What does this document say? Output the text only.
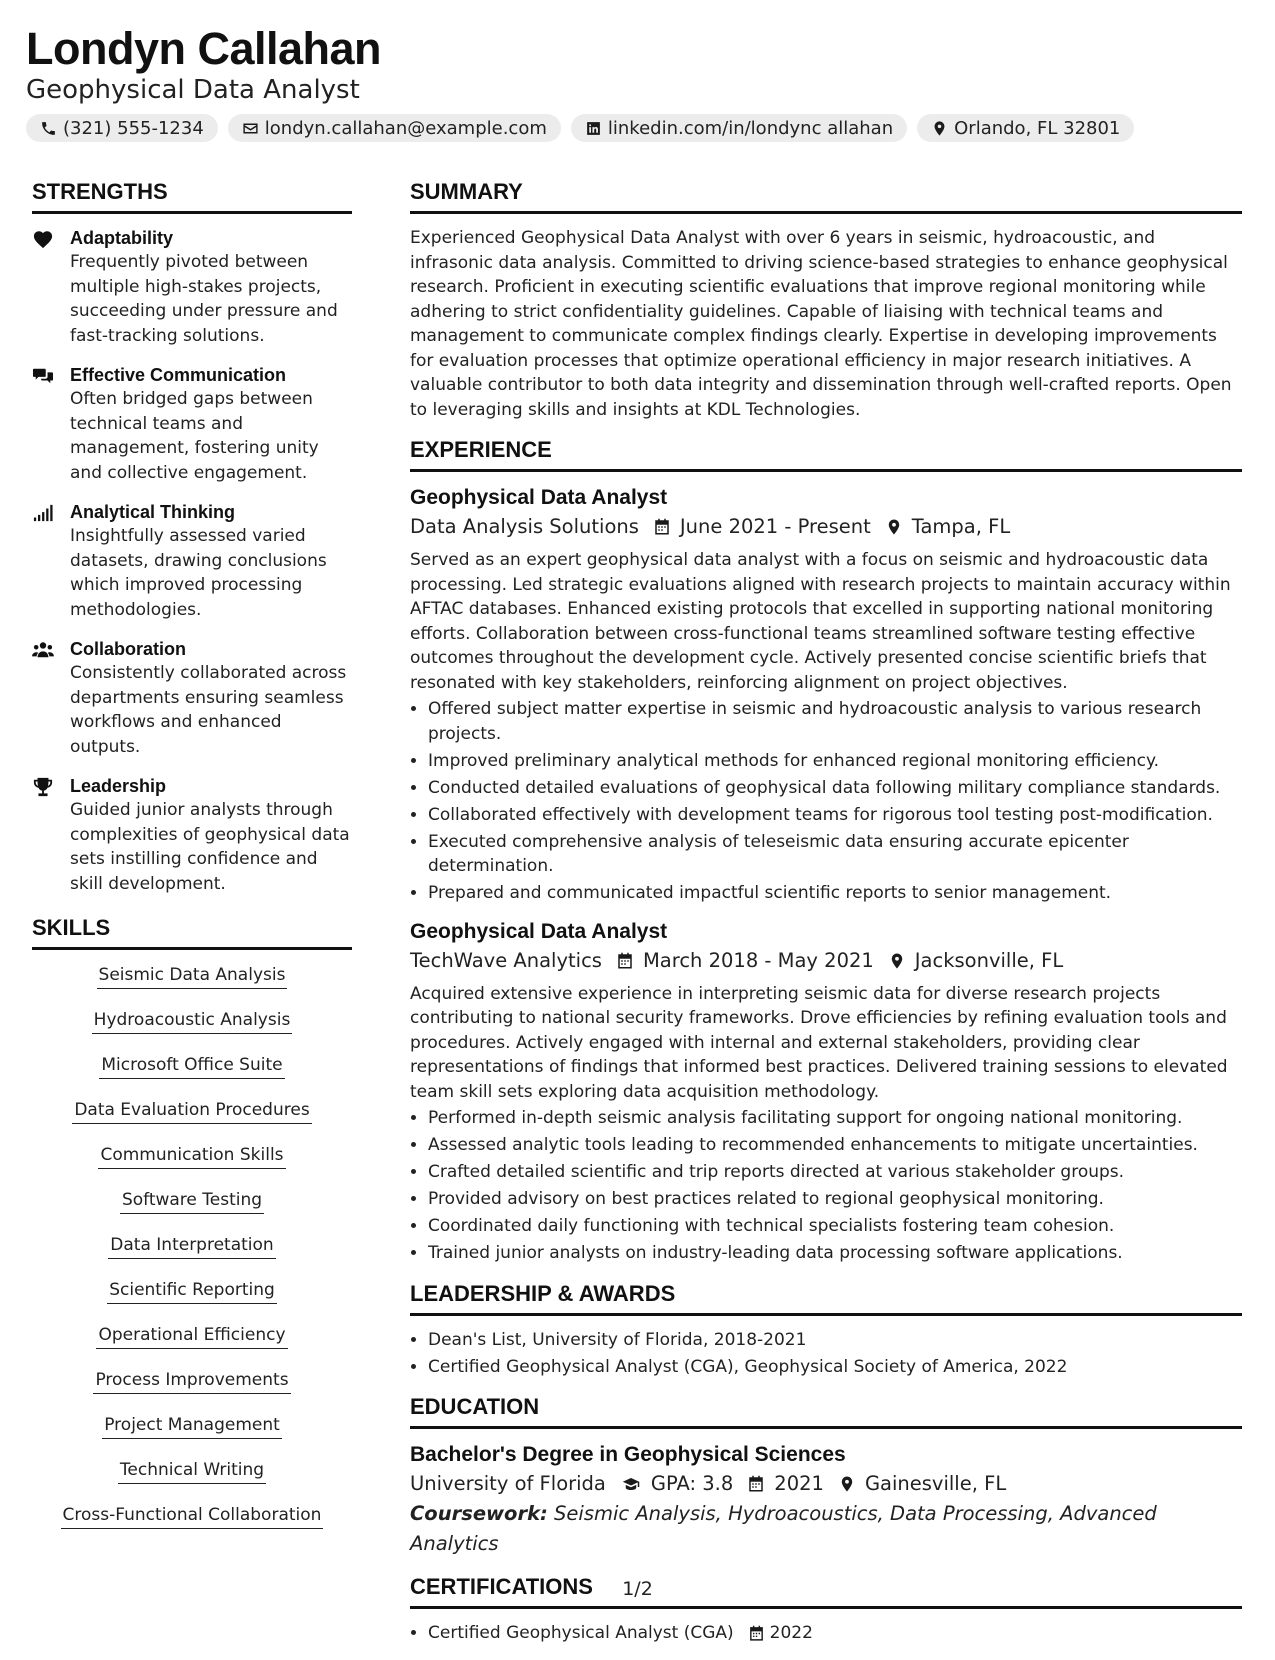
Londyn Callahan
Geophysical Data Analyst
(321) 555-1234	londyn.callahan@example.com	linkedin.com/in/londync allahan	Orlando, FL 32801
STRENGTHS
Adaptability
Frequently pivoted between multiple high-stakes projects, succeeding under pressure and fast-tracking solutions.
Effective Communication
Often bridged gaps between technical teams and management, fostering unity and collective engagement.
Analytical Thinking
Insightfully assessed varied datasets, drawing conclusions which improved processing methodologies.
Collaboration
Consistently collaborated across departments ensuring seamless workflows and enhanced outputs.
Leadership
Guided junior analysts through complexities of geophysical data sets instilling confidence and skill development.
SKILLS
Seismic Data Analysis
Hydroacoustic Analysis
Microsoft Office Suite
Data Evaluation Procedures
Communication Skills
Software Testing
Data Interpretation
Scientific Reporting
Operational Efficiency
Process Improvements
Project Management
Technical Writing
Cross-Functional Collaboration
SUMMARY
Experienced Geophysical Data Analyst with over 6 years in seismic, hydroacoustic, and infrasonic data analysis. Committed to driving science-based strategies to enhance geophysical research. Proficient in executing scientific evaluations that improve regional monitoring while adhering to strict confidentiality guidelines. Capable of liaising with technical teams and management to communicate complex findings clearly. Expertise in developing improvements for evaluation processes that optimize operational efficiency in major research initiatives. A valuable contributor to both data integrity and dissemination through well-crafted reports. Open to leveraging skills and insights at KDL Technologies.
EXPERIENCE
Geophysical Data Analyst
Data Analysis Solutions June 2021 - Present Tampa, FL
Served as an expert geophysical data analyst with a focus on seismic and hydroacoustic data processing. Led strategic evaluations aligned with research projects to maintain accuracy within AFTAC databases. Enhanced existing protocols that excelled in supporting national monitoring efforts. Collaboration between cross-functional teams streamlined software testing effective outcomes throughout the development cycle. Actively presented concise scientific briefs that resonated with key stakeholders, reinforcing alignment on project objectives.
• Offered subject matter expertise in seismic and hydroacoustic analysis to various research projects.
• Improved preliminary analytical methods for enhanced regional monitoring efficiency.
• Conducted detailed evaluations of geophysical data following military compliance standards.
• Collaborated effectively with development teams for rigorous tool testing post-modification.
• Executed comprehensive analysis of teleseismic data ensuring accurate epicenter determination.
• Prepared and communicated impactful scientific reports to senior management.
Geophysical Data Analyst
TechWave Analytics March 2018 - May 2021 Jacksonville, FL
Acquired extensive experience in interpreting seismic data for diverse research projects contributing to national security frameworks. Drove efficiencies by refining evaluation tools and procedures. Actively engaged with internal and external stakeholders, providing clear representations of findings that informed best practices. Delivered training sessions to elevated team skill sets exploring data acquisition methodology.
• Performed in-depth seismic analysis facilitating support for ongoing national monitoring.
• Assessed analytic tools leading to recommended enhancements to mitigate uncertainties.
• Crafted detailed scientific and trip reports directed at various stakeholder groups.
• Provided advisory on best practices related to regional geophysical monitoring.
• Coordinated daily functioning with technical specialists fostering team cohesion.
• Trained junior analysts on industry-leading data processing software applications.
LEADERSHIP & AWARDS
• Dean's List, University of Florida, 2018-2021
• Certified Geophysical Analyst (CGA), Geophysical Society of America, 2022
EDUCATION
Bachelor's Degree in Geophysical Sciences
University of Florida GPA: 3.8 2021 Gainesville, FL
Coursework: Seismic Analysis, Hydroacoustics, Data Processing, Advanced Analytics
CERTIFICATIONS
• Certified Geophysical Analyst (CGA) 2022
1/2
